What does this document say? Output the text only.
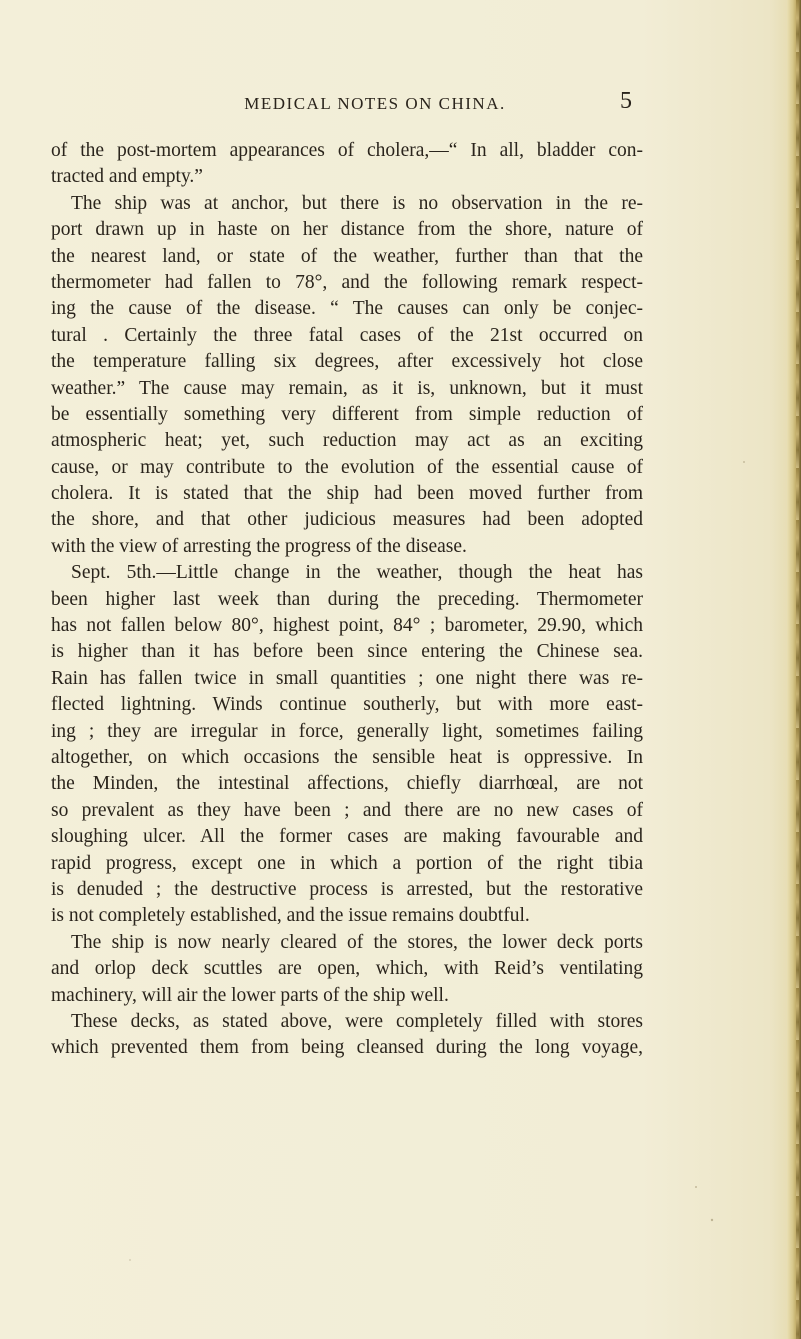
MEDICAL NOTES ON CHINA.	5
of the post-mortem appearances of cholera,—“ In all, bladder con-
tracted and empty.”
The ship was at anchor, but there is no observation in the re-
port drawn up in haste on her distance from the shore, nature of
the nearest land, or state of the weather, further than that the
thermometer had fallen to 78°, and the following remark respect-
ing the cause of the disease. “ The causes can only be conjec-
tural . Certainly the three fatal cases of the 21st occurred on
the temperature falling six degrees, after excessively hot close
weather.” The cause may remain, as it is, unknown, but it must
be essentially something very different from simple reduction of
atmospheric heat; yet, such reduction may act as an exciting
cause, or may contribute to the evolution of the essential cause of
cholera. It is stated that the ship had been moved further from
the shore, and that other judicious measures had been adopted
with the view of arresting the progress of the disease.
Sept. 5th.—Little change in the weather, though the heat has
been higher last week than during the preceding. Thermometer
has not fallen below 80°, highest point, 84° ; barometer, 29.90, which
is higher than it has before been since entering the Chinese sea.
Rain has fallen twice in small quantities ; one night there was re-
flected lightning. Winds continue southerly, but with more east-
ing ; they are irregular in force, generally light, sometimes failing
altogether, on which occasions the sensible heat is oppressive. In
the Minden, the intestinal affections, chiefly diarrhœal, are not
so prevalent as they have been ; and there are no new cases of
sloughing ulcer. All the former cases are making favourable and
rapid progress, except one in which a portion of the right tibia
is denuded ; the destructive process is arrested, but the restorative
is not completely established, and the issue remains doubtful.
The ship is now nearly cleared of the stores, the lower deck ports
and orlop deck scuttles are open, which, with Reid’s ventilating
machinery, will air the lower parts of the ship well.
These decks, as stated above, were completely filled with stores
which prevented them from being cleansed during the long voyage,
